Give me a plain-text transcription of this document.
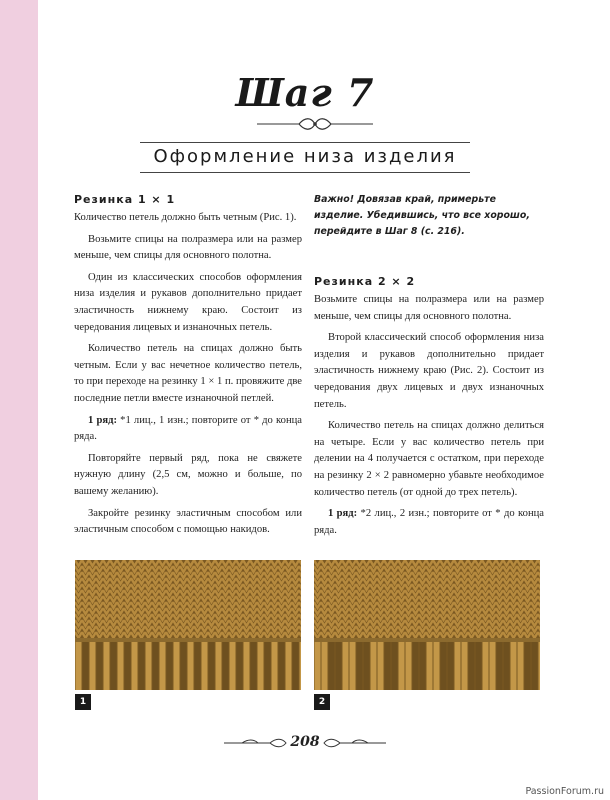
Шаг 7
Оформление низа изделия
Резинка 1 × 1

Количество петель должно быть четным (Рис. 1).

Возьмите спицы на полразмера или на размер меньше, чем спицы для основного полотна.

Один из классических способов оформления низа изделия и рукавов дополнительно придает эластичность нижнему краю. Состоит из чередования лицевых и изнаночных петель.

Количество петель на спицах должно быть четным. Если у вас нечетное количество петель, то при переходе на резинку 1 × 1 п. провяжите две последние петли вместе изнаночной петлей.

1 ряд: *1 лиц., 1 изн.; повторите от * до конца ряда.

Повторяйте первый ряд, пока не свяжете нужную длину (2,5 см, можно и больше, по вашему желанию).

Закройте резинку эластичным способом или эластичным способом с помощью накидов.

Важно! Довязав край, примерьте изделие. Убедившись, что все хорошо, перейдите в Шаг 8 (с. 216).

Резинка 2 × 2

Возьмите спицы на полразмера или на размер меньше, чем спицы для основного полотна.

Второй классический способ оформления низа изделия и рукавов дополнительно придает эластичность нижнему краю (Рис. 2). Состоит из чередования двух лицевых и двух изнаночных петель.

Количество петель на спицах должно делиться на четыре. Если у вас количество петель при делении на 4 получается с остатком, при переходе на резинку 2 × 2 равномерно убавьте необходимое количество петель (от одной до трех петель).

1 ряд: *2 лиц., 2 изн.; повторите от * до конца ряда.

1	2
208
PassionForum.ru
